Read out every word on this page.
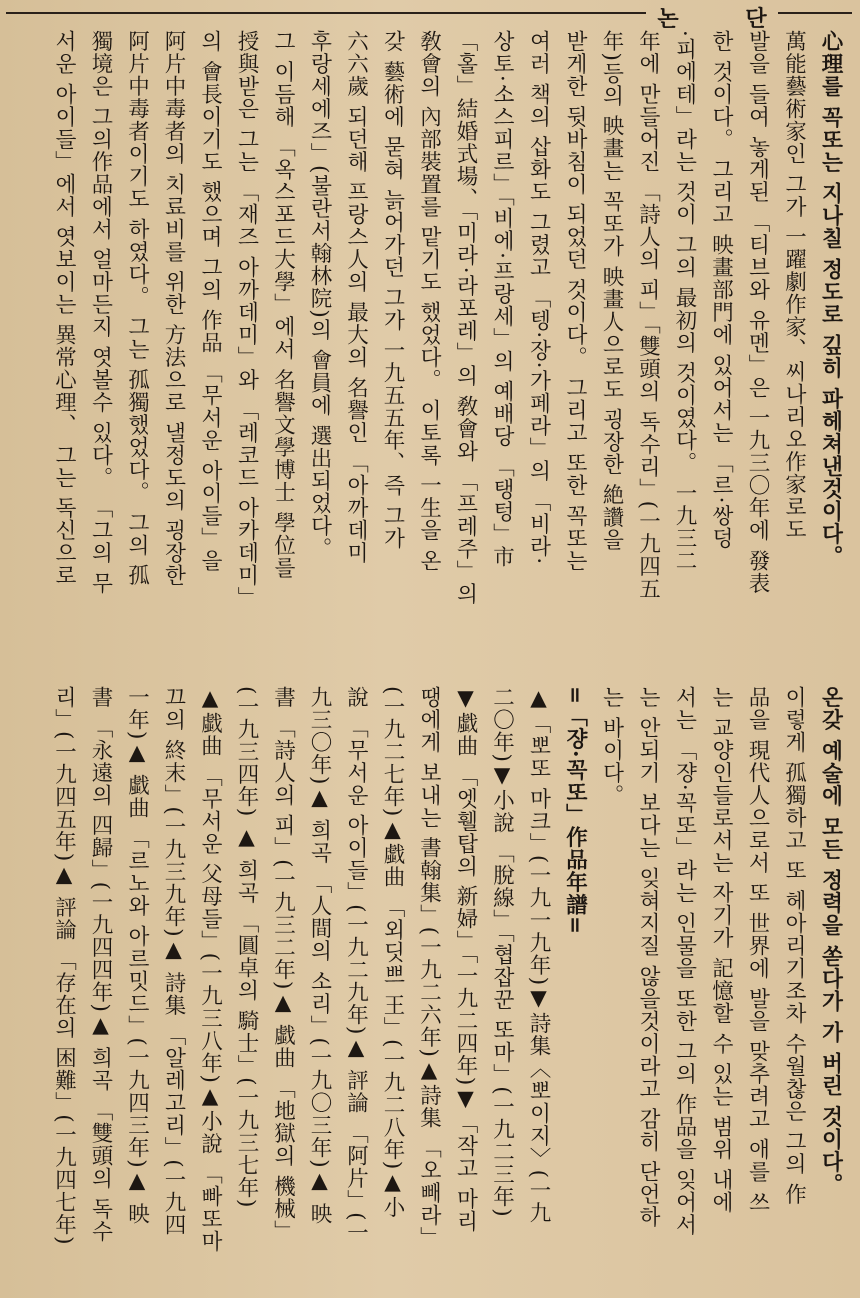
논	단
心理를 꼭또는 지나칠 정도로 깊히 파헤쳐낸것이다。
萬能藝術家인 그가 一躍劇作家、씨나리오作家로도
발을 들여 놓게된 「티브와 유멘」은 一九三〇年에 發表
한 것이다。 그리고 映畫部門에 있어서는 「르·쌍덩
·피에테」라는 것이 그의 最初의 것이였다。 一九三二
年에 만들어진 「詩人의 피」「雙頭의 독수리」(一九四五
年)등의 映畫는 꼭또가 映畫人으로도 굉장한 絶讚을
받게한 뒷바침이 되었던 것이다。 그리고 또한 꼭또는
여러 책의 삽화도 그렸고 「텡·장·가페라」의 「비라·
상토·소스피르」「비에·프랑세」의 예배당 「탱텅」市
「홀」結婚式場、「미라·라포레」의 敎會와 「프레주」의
敎會의 內部裝置를 맡기도 했었다。 이토록 一生을 온
갖 藝術에 묻혀 늙어가던 그가 一九五五年、즉 그가
六六歲 되던해 프랑스人의 最大의 名譽인 「아까데미
후랑세에즈」(불란서翰林院)의 會員에 選出되었다。
그 이듬해 「옥스포드大學」에서 名譽文學博士 學位를
授與받은 그는 「재즈 아까데미」와 「레코드 아카데미」
의 會長이기도 했으며 그의 作品 「무서운 아이들」을
阿片中毒者의 치료비를 위한 方法으로 낼정도의 굉장한
阿片中毒者이기도 하였다。 그는 孤獨했었다。 그의 孤
獨境은 그의作品에서 얼마든지 엿볼수 있다。 「그의 무
서운 아이들」에서 엿보이는 異常心理、 그는 독신으로
온갖 예술에 모든 정력을 쏟다가 가 버린 것이다。
이렇게 孤獨하고 또 헤아리기조차 수월찮은 그의 作
品을 現代人으로서 또 世界에 발을 맞추려고 애를 쓰
는 교양인들로서는 자기가 記憶할 수 있는 범위 내에
서는 「쟝·꼭또」라는 인물을 또한 그의 作品을 잊어서
는 안되기 보다는 잊혀지질 않을것이라고 감히 단언하
는 바이다。
=「쟝·꼭또」作品年譜=
▲「뽀또 마크」(一九一九年)▼詩集〈뽀이지〉(一九
二〇年)▼小說 「脫線」「협잡꾼 또마」(一九二三年)
▼戱曲 「엣휄탑의 新婦」「一九二四年)▼「작고 마리
땡에게 보내는 書翰集」(一九二六年)▲詩集 「오빼라」
(一九二七年)▲戱曲 「외딧쁘 王」(一九二八年)▲小
說 「무서운 아이들」(一九二九年)▲ 評論 「阿片」(一
九三〇年)▲ 희곡 「人間의 소리」(一九〇三年)▲ 映
書 「詩人의 피」(一九三二年)▲ 戱曲 「地獄의 機械」
(一九三四年) ▲ 희곡 「圓卓의 騎士」(一九三七年)
▲戱曲 「무서운 父母들」(一九三八年)▲小說 「빠또마
끄의 終末」(一九三九年)▲ 詩集 「알레고리」(一九四
一年)▲ 戱曲 「르노와 아르밋드」(一九四三年)▲ 映
書 「永遠의 四歸」(一九四四年)▲ 희곡 「雙頭의 독수
리」(一九四五年)▲ 評論 「存在의 困難」(一九四七年)
